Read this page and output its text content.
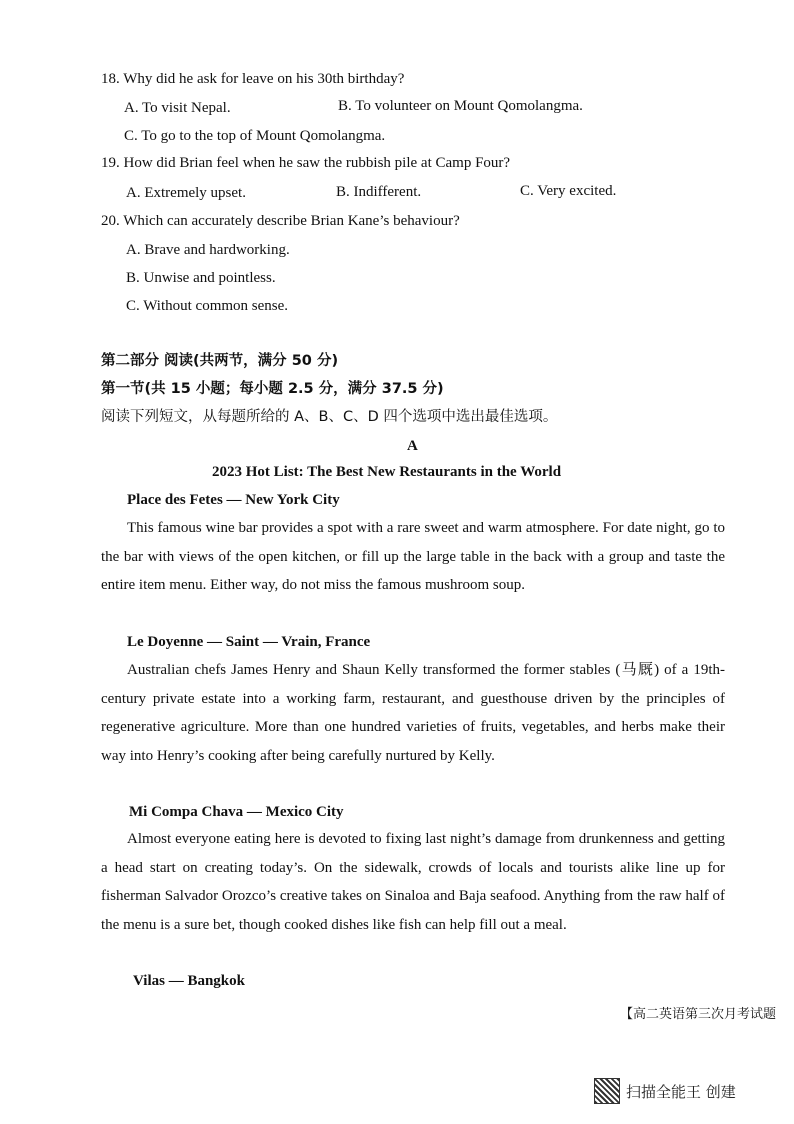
18. Why did he ask for leave on his 30th birthday?
A. To visit Nepal.	B. To volunteer on Mount Qomolangma.
C. To go to the top of Mount Qomolangma.
19. How did Brian feel when he saw the rubbish pile at Camp Four?
A. Extremely upset.	B. Indifferent.	C. Very excited.
20. Which can accurately describe Brian Kane’s behaviour?
A. Brave and hardworking.
B. Unwise and pointless.
C. Without common sense.
第二部分 阅读(共两节，满分 50 分)
第一节(共 15 小题；每小题 2.5 分，满分 37.5 分)
阅读下列短文，从每题所给的 A、B、C、D 四个选项中选出最佳选项。
A
2023 Hot List: The Best New Restaurants in the World
Place des Fetes — New York City
This famous wine bar provides a spot with a rare sweet and warm atmosphere. For date night, go to the bar with views of the open kitchen, or fill up the large table in the back with a group and taste the entire item menu. Either way, do not miss the famous mushroom soup.
Le Doyenne — Saint — Vrain, France
Australian chefs James Henry and Shaun Kelly transformed the former stables (马厩) of a 19th-century private estate into a working farm, restaurant, and guesthouse driven by the principles of regenerative agriculture. More than one hundred varieties of fruits, vegetables, and herbs make their way into Henry’s cooking after being carefully nurtured by Kelly.
Mi Compa Chava — Mexico City
Almost everyone eating here is devoted to fixing last night’s damage from drunkenness and getting a head start on creating today’s. On the sidewalk, crowds of locals and tourists alike line up for fisherman Salvador Orozco’s creative takes on Sinaloa and Baja seafood. Anything from the raw half of the menu is a sure bet, though cooked dishes like fish can help fill out a meal.
Vilas — Bangkok
【高二英语第三次月考试题
扫描全能王 创建
